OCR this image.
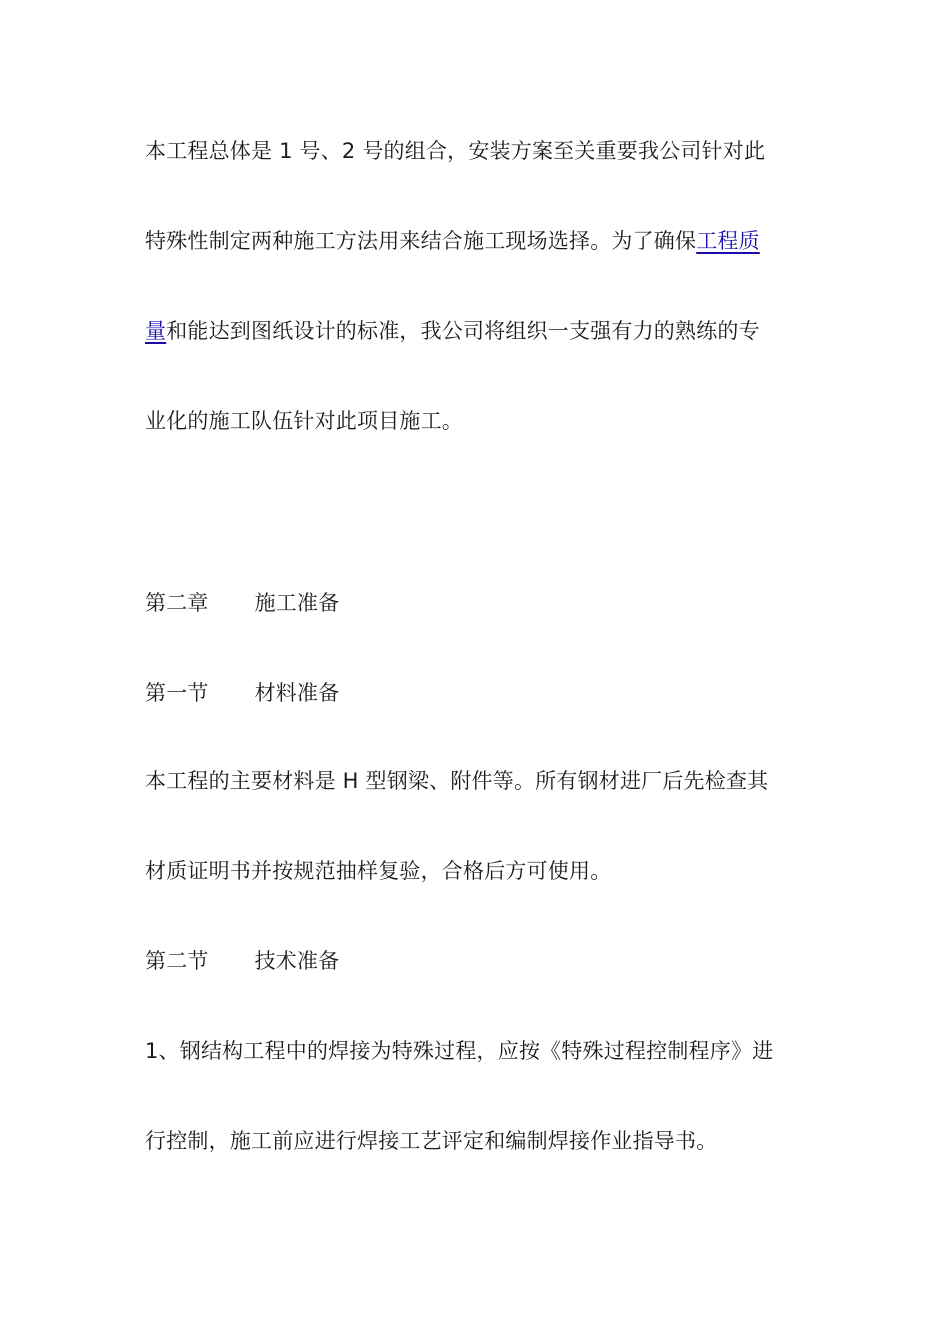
本工程总体是 1 号、2 号的组合，安装方案至关重要我公司针对此
特殊性制定两种施工方法用来结合施工现场选择。为了确保工程质
量和能达到图纸设计的标准，我公司将组织一支强有力的熟练的专
业化的施工队伍针对此项目施工。
第二章 施工准备
第一节 材料准备
本工程的主要材料是 H 型钢梁、附件等。所有钢材进厂后先检查其
材质证明书并按规范抽样复验，合格后方可使用。
第二节 技术准备
1、钢结构工程中的焊接为特殊过程，应按《特殊过程控制程序》进
行控制，施工前应进行焊接工艺评定和编制焊接作业指导书。
